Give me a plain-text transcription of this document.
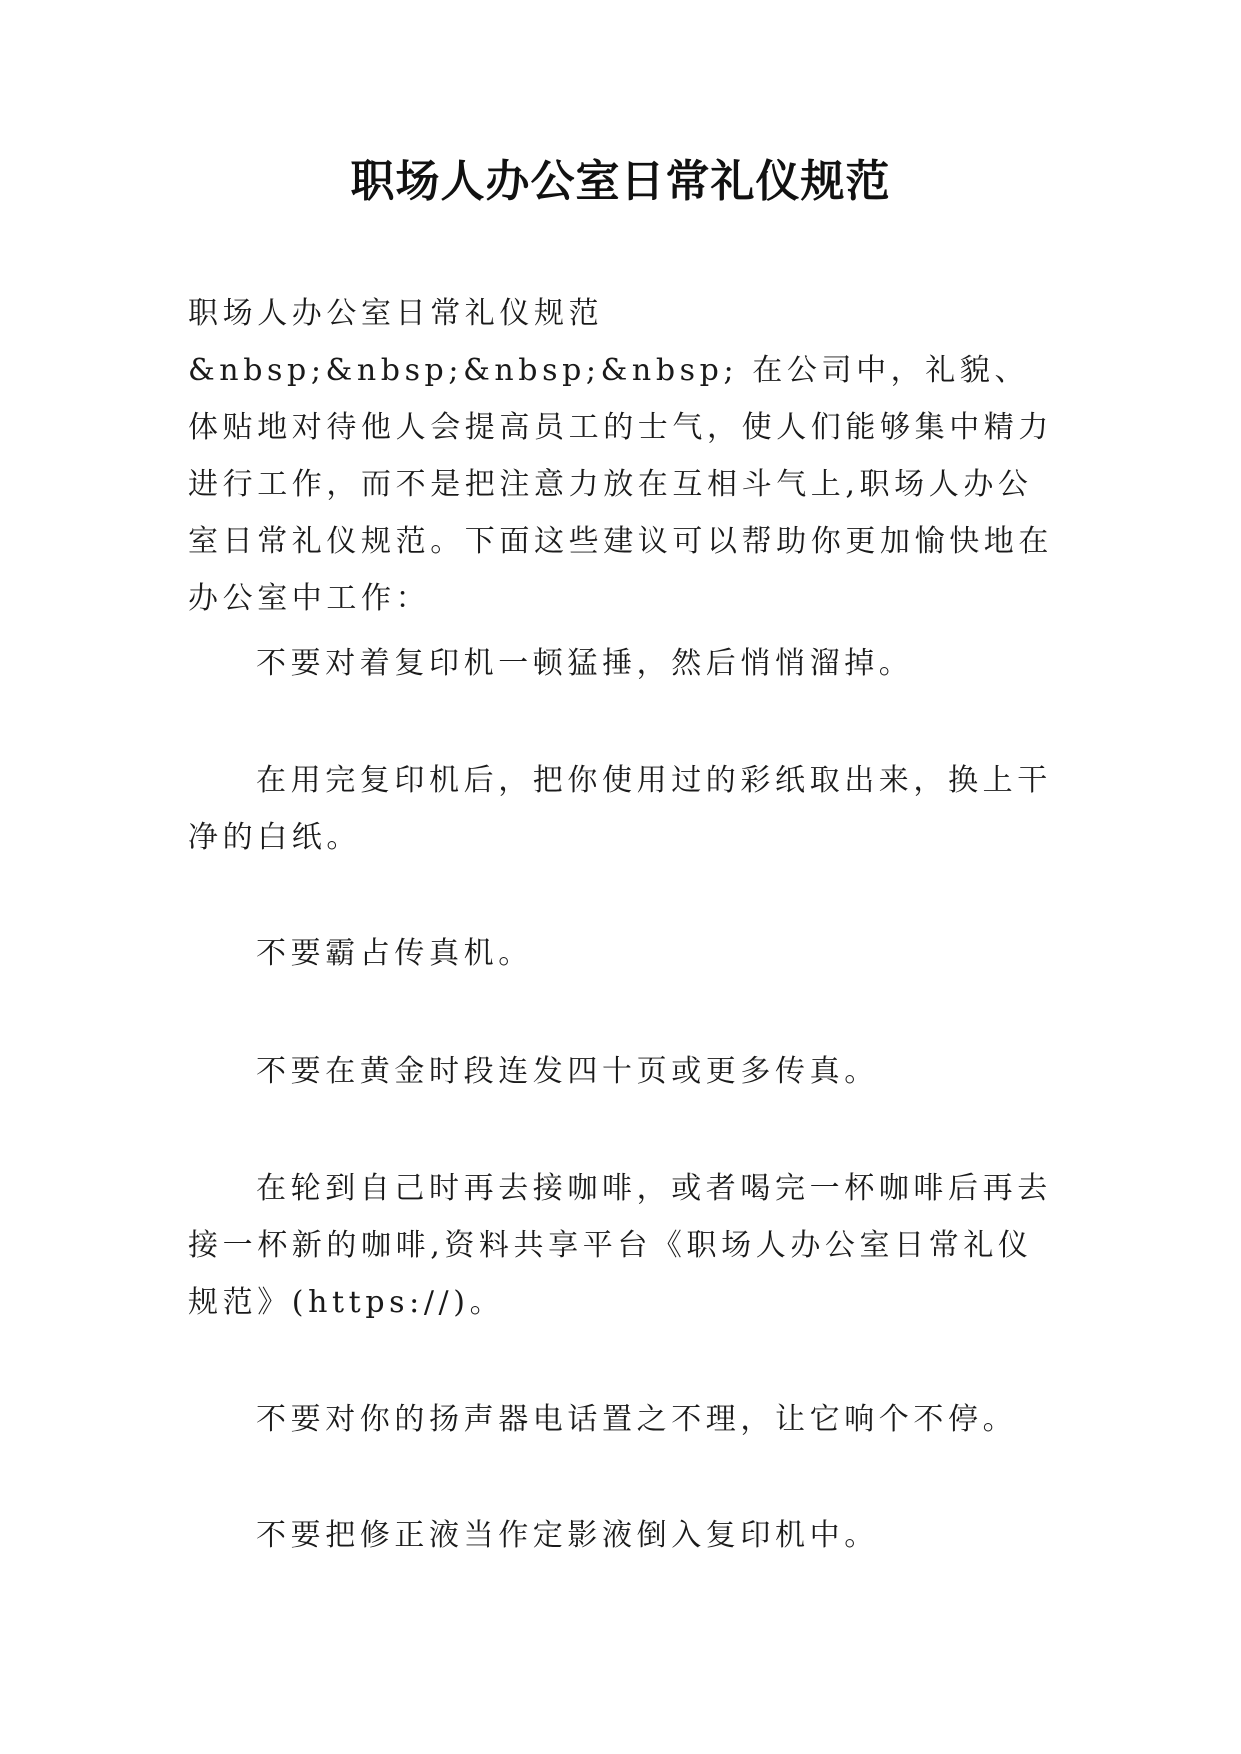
职场人办公室日常礼仪规范

职场人办公室日常礼仪规范

&nbsp;&nbsp;&nbsp;&nbsp; 在公司中，礼貌、体贴地对待他人会提高员工的士气，使人们能够集中精力进行工作，而不是把注意力放在互相斗气上,职场人办公室日常礼仪规范。下面这些建议可以帮助你更加愉快地在办公室中工作：

不要对着复印机一顿猛捶，然后悄悄溜掉。

在用完复印机后，把你使用过的彩纸取出来，换上干净的白纸。

不要霸占传真机。

不要在黄金时段连发四十页或更多传真。

在轮到自己时再去接咖啡，或者喝完一杯咖啡后再去接一杯新的咖啡,资料共享平台《职场人办公室日常礼仪规范》(https://)。

不要对你的扬声器电话置之不理，让它响个不停。

不要把修正液当作定影液倒入复印机中。
